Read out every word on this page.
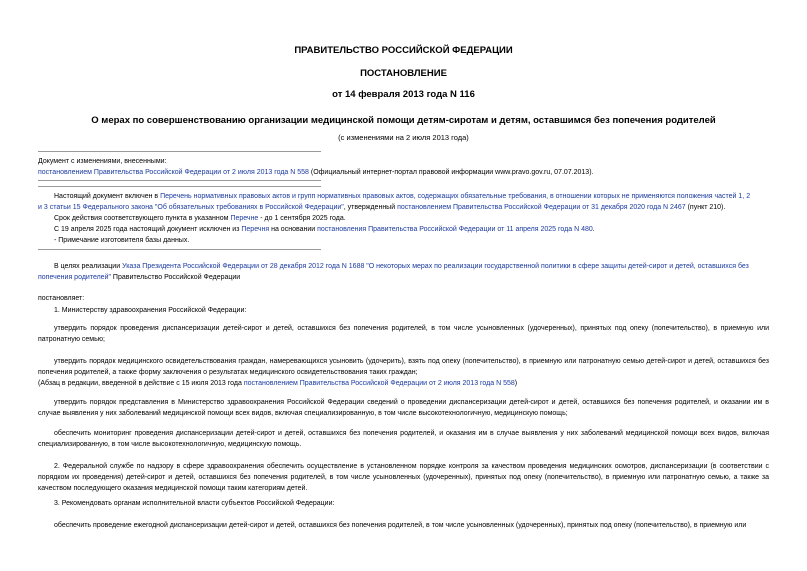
ПРАВИТЕЛЬСТВО РОССИЙСКОЙ ФЕДЕРАЦИИ
ПОСТАНОВЛЕНИЕ
от 14 февраля 2013 года N 116
О мерах по совершенствованию организации медицинской помощи детям-сиротам и детям, оставшимся без попечения родителей
(с изменениями на 2 июля 2013 года)
Документ с изменениями, внесенными:
постановлением Правительства Российской Федерации от 2 июля 2013 года N 558 (Официальный интернет-портал правовой информации www.pravo.gov.ru, 07.07.2013).
Настоящий документ включен в Перечень нормативных правовых актов и групп нормативных правовых актов, содержащих обязательные требования, в отношении которых не применяются положения частей 1, 2
и 3 статьи 15 Федерального закона "Об обязательных требованиях в Российской Федерации", утвержденный постановлением Правительства Российской Федерации от 31 декабря 2020 года N 2467 (пункт 210).
Срок действия соответствующего пункта в указанном Перечне - до 1 сентября 2025 года.
С 19 апреля 2025 года настоящий документ исключен из Перечня на основании постановления Правительства Российской Федерации от 11 апреля 2025 года N 480.
- Примечание изготовителя базы данных.
В целях реализации Указа Президента Российской Федерации от 28 декабря 2012 года N 1688 "О некоторых мерах по реализации государственной политики в сфере защиты детей-сирот и детей, оставшихся без
попечения родителей" Правительство Российской Федерации
постановляет:
1. Министерству здравоохранения Российской Федерации:
утвердить порядок проведения диспансеризации детей-сирот и детей, оставшихся без попечения родителей, в том числе усыновленных (удочеренных), принятых под опеку (попечительство), в приемную или патронатную семью;
утвердить порядок медицинского освидетельствования граждан, намеревающихся усыновить (удочерить), взять под опеку (попечительство), в приемную или патронатную семью детей-сирот и детей, оставшихся без попечения родителей, а также форму заключения о результатах медицинского освидетельствования таких граждан;
(Абзац в редакции, введенной в действие с 15 июля 2013 года постановлением Правительства Российской Федерации от 2 июля 2013 года N 558)
утвердить порядок представления в Министерство здравоохранения Российской Федерации сведений о проведении диспансеризации детей-сирот и детей, оставшихся без попечения родителей, и оказании им в случае выявления у них заболеваний медицинской помощи всех видов, включая специализированную, в том числе высокотехнологичную, медицинскую помощь;
обеспечить мониторинг проведения диспансеризации детей-сирот и детей, оставшихся без попечения родителей, и оказания им в случае выявления у них заболеваний медицинской помощи всех видов, включая специализированную, в том числе высокотехнологичную, медицинскую помощь.
2. Федеральной службе по надзору в сфере здравоохранения обеспечить осуществление в установленном порядке контроля за качеством проведения медицинских осмотров, диспансеризации (в соответствии с порядком их проведения) детей-сирот и детей, оставшихся без попечения родителей, в том числе усыновленных (удочеренных), принятых под опеку (попечительство), в приемную или патронатную семью, а также за качеством последующего оказания медицинской помощи таким категориям детей.
3. Рекомендовать органам исполнительной власти субъектов Российской Федерации:
обеспечить проведение ежегодной диспансеризации детей-сирот и детей, оставшихся без попечения родителей, в том числе усыновленных (удочеренных), принятых под опеку (попечительство), в приемную или
